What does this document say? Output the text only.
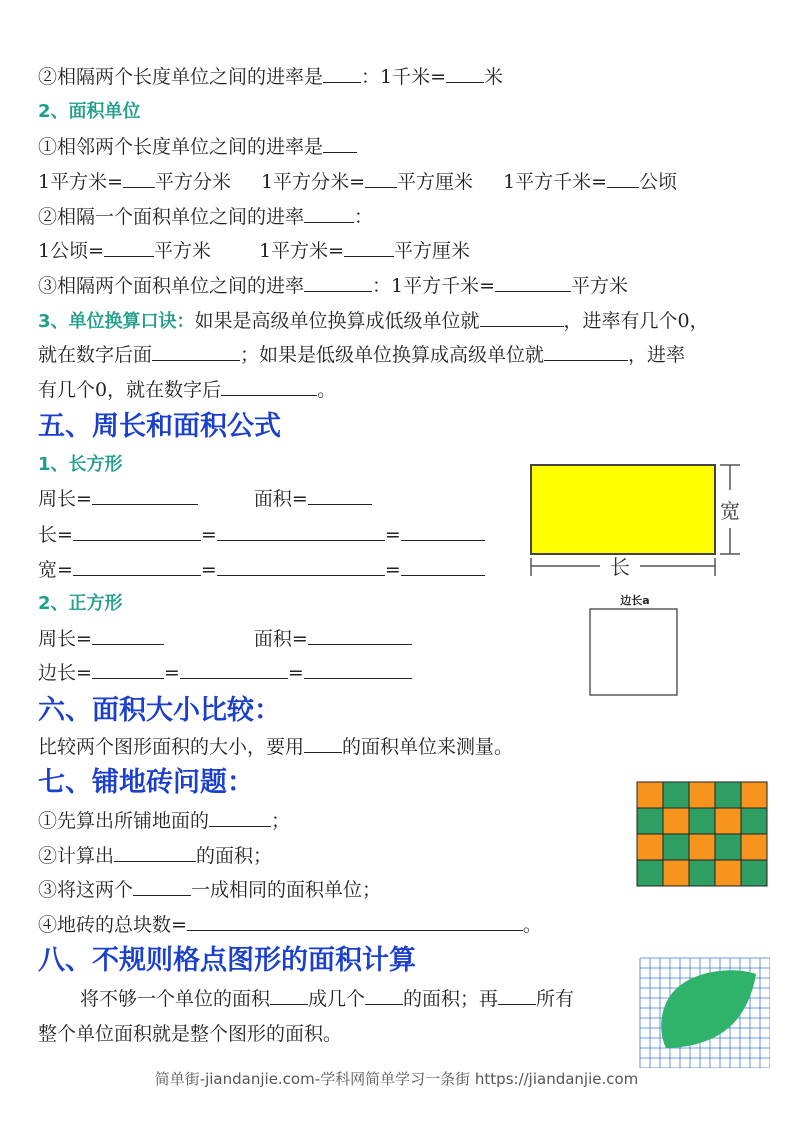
②相隔两个长度单位之间的进率是 ：1千米= 米
2、面积单位
①相邻两个长度单位之间的进率是
1平方米= 平方分米 1平方分米= 平方厘米 1平方千米= 公顷
②相隔一个面积单位之间的进率	：
1公顷=	平方米	1平方米=	平方厘米
③相隔两个面积单位之间的进率	：1平方千米=	平方米
3、单位换算口诀：如果是高级单位换算成低级单位就	，进率有几个0，
就在数字后面	；如果是低级单位换算成高级单位就	，进率
有几个0，就在数字后	。
五、周长和面积公式
1、长方形
周长=	面积=
长=	=	=
宽=	=	=
2、正方形
周长=	面积=
边长=	=	=
六、面积大小比较：
比较两个图形面积的大小，要用 的面积单位来测量。
七、铺地砖问题：
①先算出所铺地面的	；
②计算出	的面积；
③将这两个	一成相同的面积单位；
④地砖的总块数=	。
八、不规则格点图形的面积计算
将不够一个单位的面积 成几个 的面积；再 所有
整个单位面积就是整个图形的面积。
宽
长
边长a
简单街-jiandanjie.com-学科网简单学习一条街 https://jiandanjie.com
